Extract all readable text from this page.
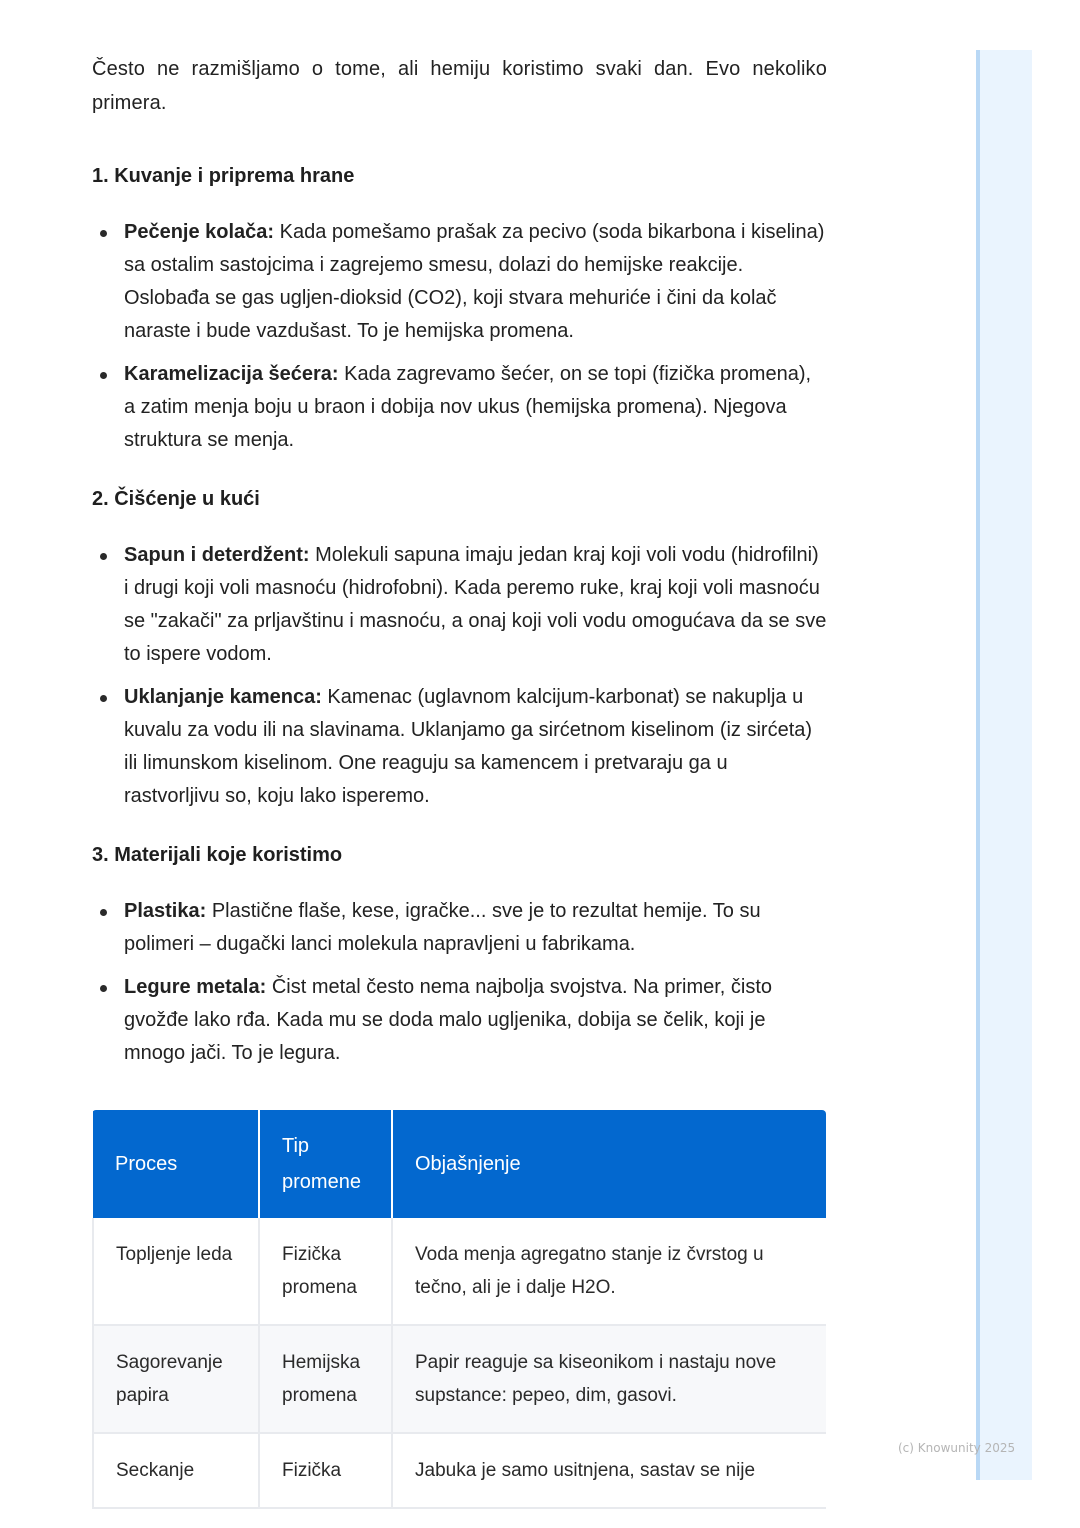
Često ne razmišljamo o tome, ali hemiju koristimo svaki dan. Evo nekoliko primera.

1. Kuvanje i priprema hrane
Pečenje kolača: Kada pomešamo prašak za pecivo (soda bikarbona i kiselina) sa ostalim sastojcima i zagrejemo smesu, dolazi do hemijske reakcije. Oslobađa se gas ugljen-dioksid (CO2), koji stvara mehuriće i čini da kolač naraste i bude vazdušast. To je hemijska promena.
Karamelizacija šećera: Kada zagrevamo šećer, on se topi (fizička promena), a zatim menja boju u braon i dobija nov ukus (hemijska promena). Njegova struktura se menja.
2. Čišćenje u kući
Sapun i deterdžent: Molekuli sapuna imaju jedan kraj koji voli vodu (hidrofilni) i drugi koji voli masnoću (hidrofobni). Kada peremo ruke, kraj koji voli masnoću se "zakači" za prljavštinu i masnoću, a onaj koji voli vodu omogućava da se sve to ispere vodom.
Uklanjanje kamenca: Kamenac (uglavnom kalcijum-karbonat) se nakuplja u kuvalu za vodu ili na slavinama. Uklanjamo ga sirćetnom kiselinom (iz sirćeta) ili limunskom kiselinom. One reaguju sa kamencem i pretvaraju ga u rastvorljivu so, koju lako isperemo.
3. Materijali koje koristimo
Plastika: Plastične flaše, kese, igračke... sve je to rezultat hemije. To su polimeri – dugački lanci molekula napravljeni u fabrikama.
Legure metala: Čist metal često nema najbolja svojstva. Na primer, čisto gvožđe lako rđa. Kada mu se doda malo ugljenika, dobija se čelik, koji je mnogo jači. To je legura.
Proces	Tip promene	Objašnjenje
Topljenje leda	Fizička promena	Voda menja agregatno stanje iz čvrstog u tečno, ali je i dalje H2O.
Sagorevanje papira	Hemijska promena	Papir reaguje sa kiseonikom i nastaju nove supstance: pepeo, dim, gasovi.
Seckanje	Fizička	Jabuka je samo usitnjena, sastav se nije
(c) Knowunity 2025
